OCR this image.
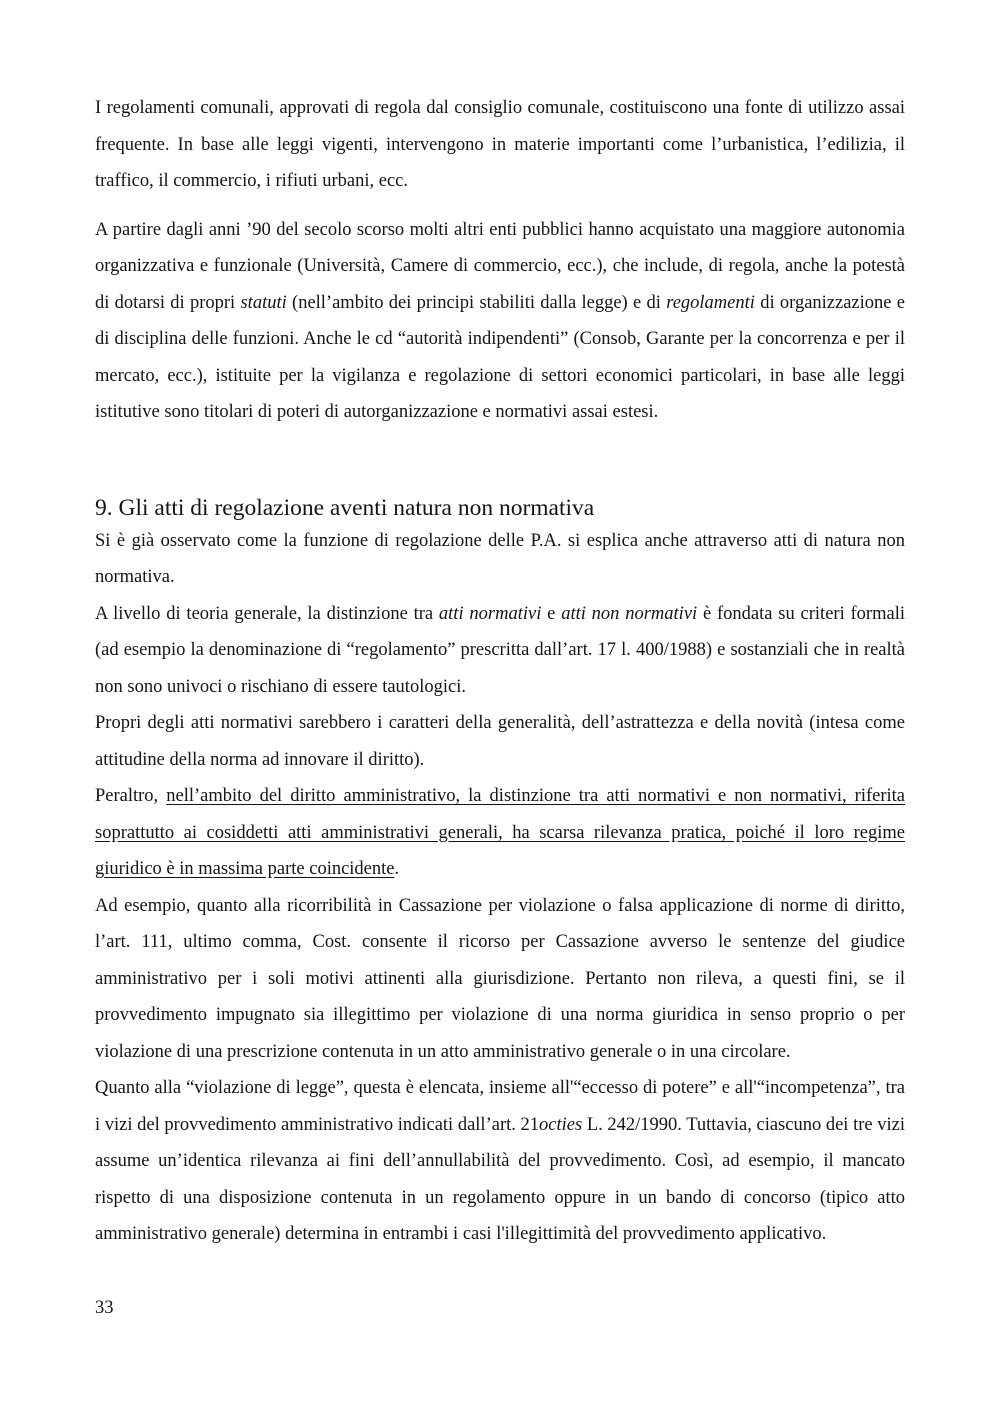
I regolamenti comunali, approvati di regola dal consiglio comunale, costituiscono una fonte di utilizzo assai frequente. In base alle leggi vigenti, intervengono in materie importanti come l’urbanistica, l’edilizia, il traffico, il commercio, i rifiuti urbani, ecc.

A partire dagli anni ’90 del secolo scorso molti altri enti pubblici hanno acquistato una maggiore autonomia organizzativa e funzionale (Università, Camere di commercio, ecc.), che include, di regola, anche la potestà di dotarsi di propri statuti (nell’ambito dei principi stabiliti dalla legge) e di regolamenti di organizzazione e di disciplina delle funzioni. Anche le cd “autorità indipendenti” (Consob, Garante per la concorrenza e per il mercato, ecc.), istituite per la vigilanza e regolazione di settori economici particolari, in base alle leggi istitutive sono titolari di poteri di autorganizzazione e normativi assai estesi.

9. Gli atti di regolazione aventi natura non normativa

Si è già osservato come la funzione di regolazione delle P.A. si esplica anche attraverso atti di natura non normativa.

A livello di teoria generale, la distinzione tra atti normativi e atti non normativi è fondata su criteri formali (ad esempio la denominazione di “regolamento” prescritta dall’art. 17 l. 400/1988) e sostanziali che in realtà non sono univoci o rischiano di essere tautologici.

Propri degli atti normativi sarebbero i caratteri della generalità, dell’astrattezza e della novità (intesa come attitudine della norma ad innovare il diritto).

Peraltro, nell’ambito del diritto amministrativo, la distinzione tra atti normativi e non normativi, riferita soprattutto ai cosiddetti atti amministrativi generali, ha scarsa rilevanza pratica, poiché il loro regime giuridico è in massima parte coincidente.

Ad esempio, quanto alla ricorribilità in Cassazione per violazione o falsa applicazione di norme di diritto, l’art. 111, ultimo comma, Cost. consente il ricorso per Cassazione avverso le sentenze del giudice amministrativo per i soli motivi attinenti alla giurisdizione. Pertanto non rileva, a questi fini, se il provvedimento impugnato sia illegittimo per violazione di una norma giuridica in senso proprio o per violazione di una prescrizione contenuta in un atto amministrativo generale o in una circolare.

Quanto alla “violazione di legge”, questa è elencata, insieme all'“eccesso di potere” e all'“incompetenza”, tra i vizi del provvedimento amministrativo indicati dall’art. 21octies L. 242/1990. Tuttavia, ciascuno dei tre vizi assume un’identica rilevanza ai fini dell’annullabilità del provvedimento. Così, ad esempio, il mancato rispetto di una disposizione contenuta in un regolamento oppure in un bando di concorso (tipico atto amministrativo generale) determina in entrambi i casi l'illegittimità del provvedimento applicativo.

33
